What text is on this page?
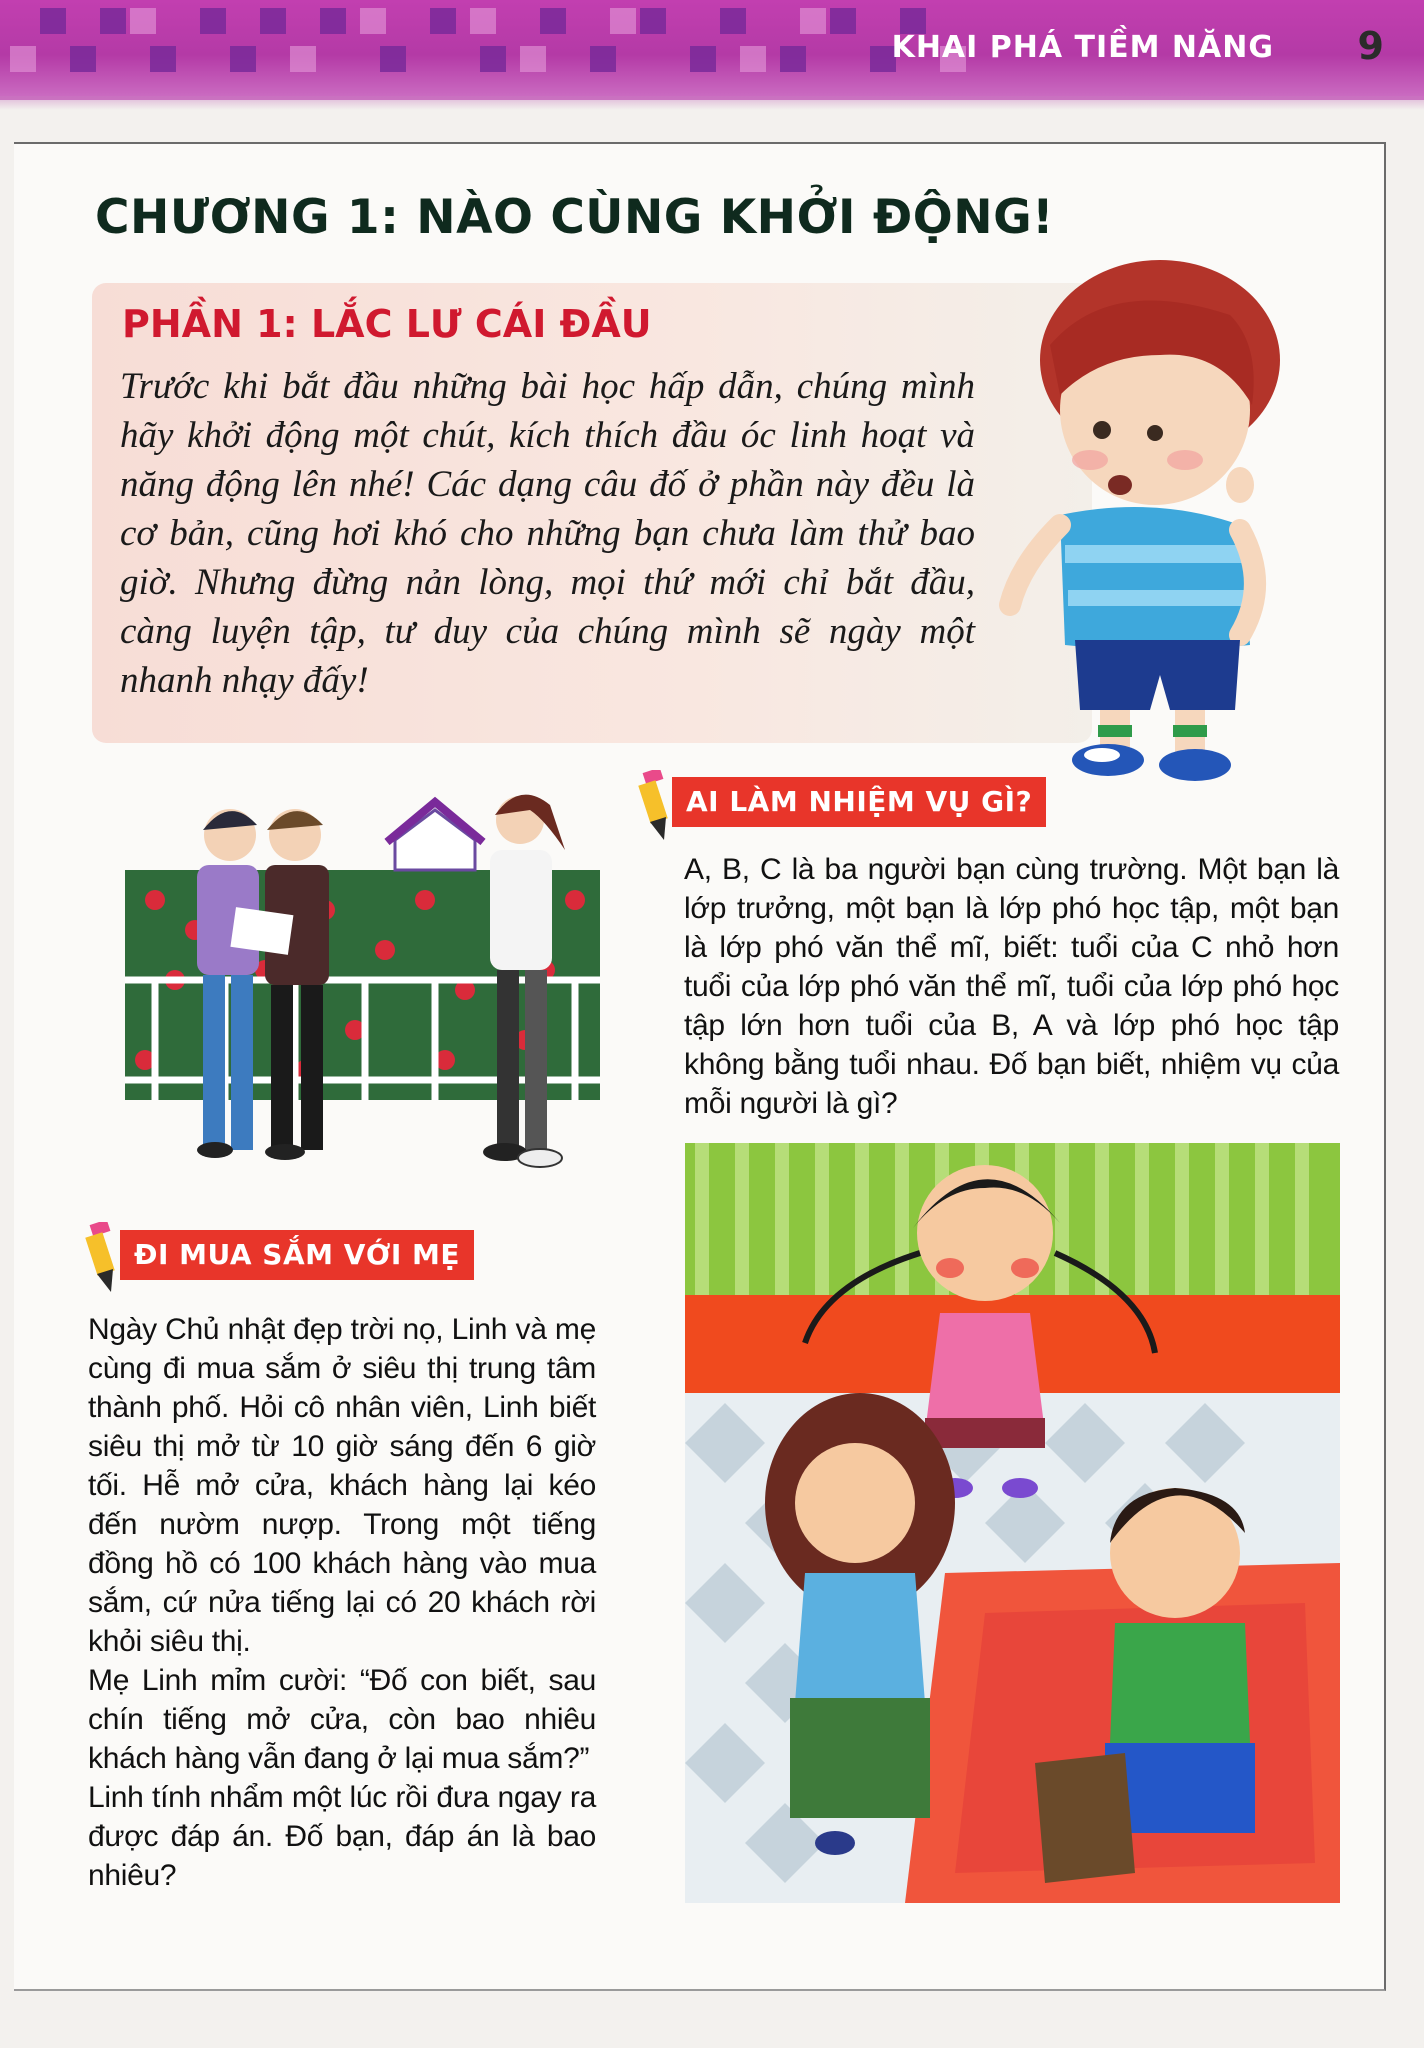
KHAI PHÁ TIỀM NĂNG 9
CHƯƠNG 1: NÀO CÙNG KHỞI ĐỘNG!
PHẦN 1: LẮC LƯ CÁI ĐẦU
Trước khi bắt đầu những bài học hấp dẫn, chúng mình hãy khởi động một chút, kích thích đầu óc linh hoạt và năng động lên nhé! Các dạng câu đố ở phần này đều là cơ bản, cũng hơi khó cho những bạn chưa làm thử bao giờ. Nhưng đừng nản lòng, mọi thứ mới chỉ bắt đầu, càng luyện tập, tư duy của chúng mình sẽ ngày một nhanh nhạy đấy!
AI LÀM NHIỆM VỤ GÌ?
A, B, C là ba người bạn cùng trường. Một bạn là lớp trưởng, một bạn là lớp phó học tập, một bạn là lớp phó văn thể mĩ, biết: tuổi của C nhỏ hơn tuổi của lớp phó văn thể mĩ, tuổi của lớp phó học tập lớn hơn tuổi của B, A và lớp phó học tập không bằng tuổi nhau. Đố bạn biết, nhiệm vụ của mỗi người là gì?
ĐI MUA SẮM VỚI MẸ
Ngày Chủ nhật đẹp trời nọ, Linh và mẹ cùng đi mua sắm ở siêu thị trung tâm thành phố. Hỏi cô nhân viên, Linh biết siêu thị mở từ 10 giờ sáng đến 6 giờ tối. Hễ mở cửa, khách hàng lại kéo đến nườm nượp. Trong một tiếng đồng hồ có 100 khách hàng vào mua sắm, cứ nửa tiếng lại có 20 khách rời khỏi siêu thị.
Mẹ Linh mỉm cười: “Đố con biết, sau chín tiếng mở cửa, còn bao nhiêu khách hàng vẫn đang ở lại mua sắm?”
Linh tính nhẩm một lúc rồi đưa ngay ra được đáp án. Đố bạn, đáp án là bao nhiêu?
